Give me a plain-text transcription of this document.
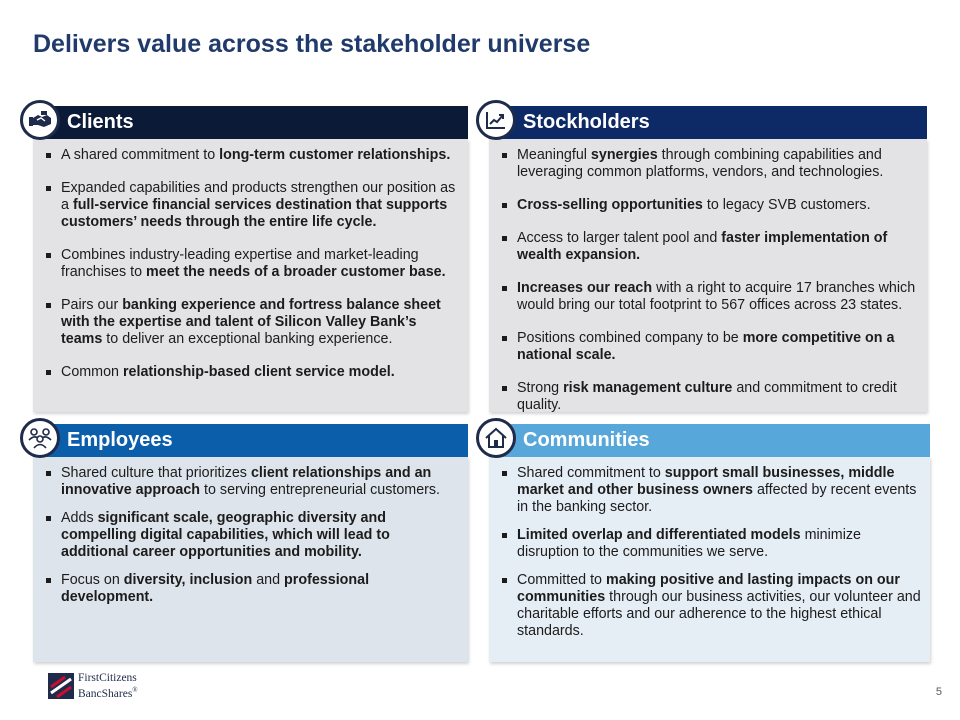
Delivers value across the stakeholder universe
A shared commitment to long-term customer relationships.
Expanded capabilities and products strengthen our position as a full-service financial services destination that supports customers’ needs through the entire life cycle.
Combines industry-leading expertise and market-leading franchises to meet the needs of a broader customer base.
Pairs our banking experience and fortress balance sheet with the expertise and talent of Silicon Valley Bank’s teams to deliver an exceptional banking experience.
Common relationship-based client service model.
Clients
Meaningful synergies through combining capabilities and leveraging common platforms, vendors, and technologies.
Cross-selling opportunities to legacy SVB customers.
Access to larger talent pool and faster implementation of wealth expansion.
Increases our reach with a right to acquire 17 branches which would bring our total footprint to 567 offices across 23 states.
Positions combined company to be more competitive on a national scale.
Strong risk management culture and commitment to credit quality.
Stockholders
Shared culture that prioritizes client relationships and an innovative approach to serving entrepreneurial customers.
Adds significant scale, geographic diversity and compelling digital capabilities, which will lead to additional career opportunities and mobility.
Focus on diversity, inclusion and professional development.
Employees
Shared commitment to support small businesses, middle market and other business owners affected by recent events in the banking sector.
Limited overlap and differentiated models minimize disruption to the communities we serve.
Committed to making positive and lasting impacts on our communities through our business activities, our volunteer and charitable efforts and our adherence to the highest ethical standards.
Communities
FirstCitizens
BancShares®	5
